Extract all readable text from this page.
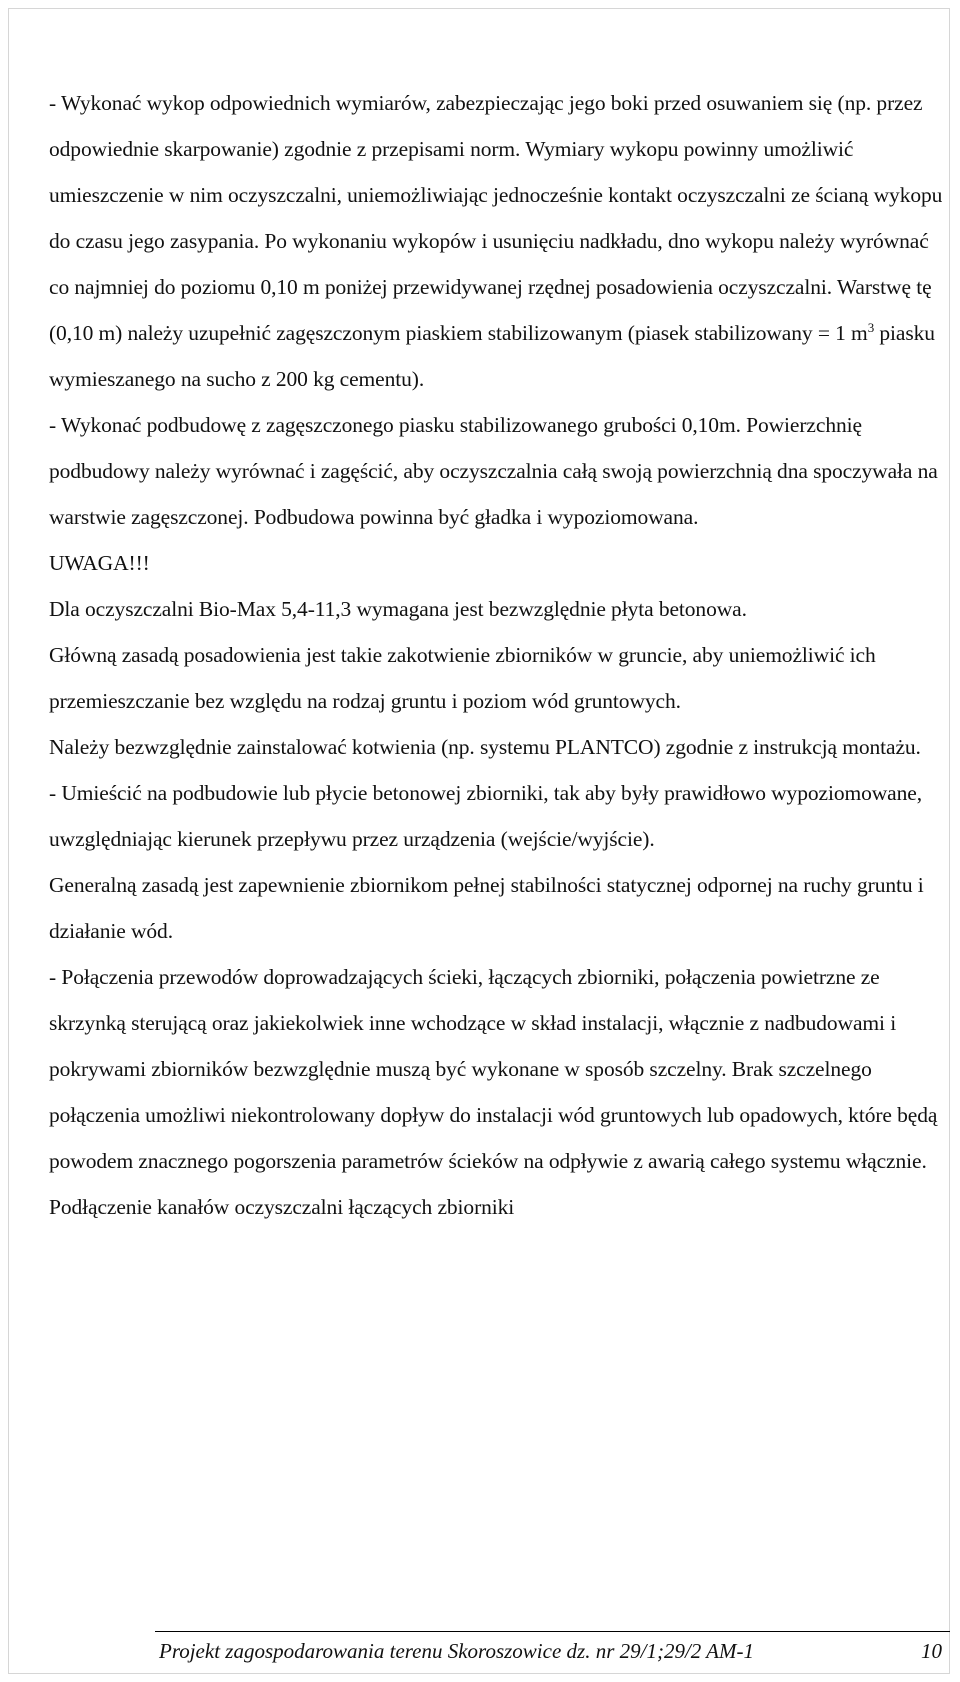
- Wykonać wykop odpowiednich wymiarów, zabezpieczając jego boki przed osuwaniem się (np. przez odpowiednie skarpowanie) zgodnie z przepisami norm. Wymiary wykopu powinny umożliwić umieszczenie w nim oczyszczalni, uniemożliwiając jednocześnie kontakt oczyszczalni ze ścianą wykopu do czasu jego zasypania. Po wykonaniu wykopów i usunięciu nadkładu, dno wykopu należy wyrównać co najmniej do poziomu 0,10 m poniżej przewidywanej rzędnej posadowienia oczyszczalni. Warstwę tę (0,10 m) należy uzupełnić zagęszczonym piaskiem stabilizowanym (piasek stabilizowany = 1 $m^3$ piasku wymieszanego na sucho z 200 kg cementu).

- Wykonać podbudowę z zagęszczonego piasku stabilizowanego grubości 0,10m. Powierzchnię podbudowy należy wyrównać i zagęścić, aby oczyszczalnia całą swoją powierzchnią dna spoczywała na warstwie zagęszczonej. Podbudowa powinna być gładka i wypoziomowana.

UWAGA!!!

Dla oczyszczalni Bio-Max 5,4-11,3 wymagana jest bezwzględnie płyta betonowa.

Główną zasadą posadowienia jest takie zakotwienie zbiorników w gruncie, aby uniemożliwić ich przemieszczanie bez względu na rodzaj gruntu i poziom wód gruntowych.

Należy bezwzględnie zainstalować kotwienia (np. systemu PLANTCO) zgodnie z instrukcją montażu.

- Umieścić na podbudowie lub płycie betonowej zbiorniki, tak aby były prawidłowo wypoziomowane, uwzględniając kierunek przepływu przez urządzenia (wejście/wyjście).

Generalną zasadą jest zapewnienie zbiornikom pełnej stabilności statycznej odpornej na ruchy gruntu i działanie wód.

- Połączenia przewodów doprowadzających ścieki, łączących zbiorniki, połączenia powietrzne ze skrzynką sterującą oraz jakiekolwiek inne wchodzące w skład instalacji, włącznie z nadbudowami i pokrywami zbiorników bezwzględnie muszą być wykonane w sposób szczelny. Brak szczelnego połączenia umożliwi niekontrolowany dopływ do instalacji wód gruntowych lub opadowych, które będą powodem znacznego pogorszenia parametrów ścieków na odpływie z awarią całego systemu włącznie. Podłączenie kanałów oczyszczalni łączących zbiorniki

Projekt zagospodarowania terenu Skoroszowice dz. nr 29/1;29/2 AM-1	10
